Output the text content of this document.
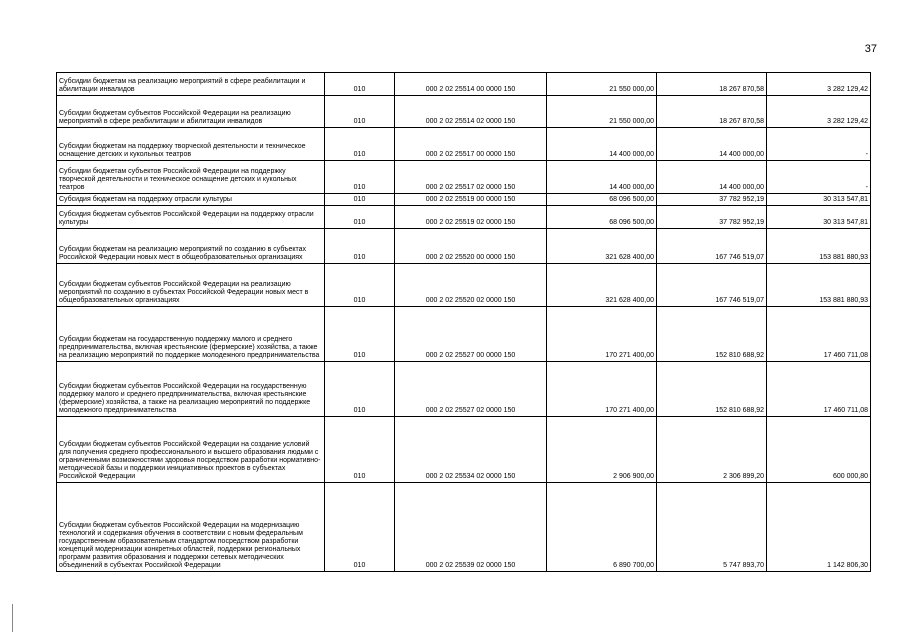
37
Субсидии бюджетам на реализацию мероприятий в сфере реабилитации и абилитации инвалидов	010	000 2 02 25514 00 0000 150	21 550 000,00	18 267 870,58	3 282 129,42
Субсидии бюджетам субъектов Российской Федерации на реализацию мероприятий в сфере реабилитации и абилитации инвалидов	010	000 2 02 25514 02 0000 150	21 550 000,00	18 267 870,58	3 282 129,42
Субсидии бюджетам на поддержку творческой деятельности и техническое оснащение детских и кукольных театров	010	000 2 02 25517 00 0000 150	14 400 000,00	14 400 000,00	-
Субсидии бюджетам субъектов Российской Федерации на поддержку творческой деятельности и техническое оснащение детских и кукольных театров	010	000 2 02 25517 02 0000 150	14 400 000,00	14 400 000,00	-
Субсидия бюджетам на поддержку отрасли культуры	010	000 2 02 25519 00 0000 150	68 096 500,00	37 782 952,19	30 313 547,81
Субсидия бюджетам субъектов Российской Федерации на поддержку отрасли культуры	010	000 2 02 25519 02 0000 150	68 096 500,00	37 782 952,19	30 313 547,81
Субсидии бюджетам на реализацию мероприятий по созданию в субъектах Российской Федерации новых мест в общеобразовательных организациях	010	000 2 02 25520 00 0000 150	321 628 400,00	167 746 519,07	153 881 880,93
Субсидии бюджетам субъектов Российской Федерации на реализацию мероприятий по созданию в субъектах Российской Федерации новых мест в общеобразовательных организациях	010	000 2 02 25520 02 0000 150	321 628 400,00	167 746 519,07	153 881 880,93
Субсидии бюджетам на государственную поддержку малого и среднего предпринимательства, включая крестьянские (фермерские) хозяйства, а также на реализацию мероприятий по поддержке молодежного предпринимательства	010	000 2 02 25527 00 0000 150	170 271 400,00	152 810 688,92	17 460 711,08
Субсидии бюджетам субъектов Российской Федерации на государственную поддержку малого и среднего предпринимательства, включая крестьянские (фермерские) хозяйства, а также на реализацию мероприятий по поддержке молодежного предпринимательства	010	000 2 02 25527 02 0000 150	170 271 400,00	152 810 688,92	17 460 711,08
Субсидии бюджетам субъектов Российской Федерации на создание условий для получения среднего профессионального и высшего образования людьми с ограниченными возможностями здоровья посредством разработки нормативно-методической базы и поддержки инициативных проектов в субъектах Российской Федерации	010	000 2 02 25534 02 0000 150	2 906 900,00	2 306 899,20	600 000,80
Субсидии бюджетам субъектов Российской Федерации на модернизацию технологий и содержания обучения в соответствии с новым федеральным государственным образовательным стандартом посредством разработки концепций модернизации конкретных областей, поддержки региональных программ развития образования и поддержки сетевых методических объединений в субъектах Российской Федерации	010	000 2 02 25539 02 0000 150	6 890 700,00	5 747 893,70	1 142 806,30
